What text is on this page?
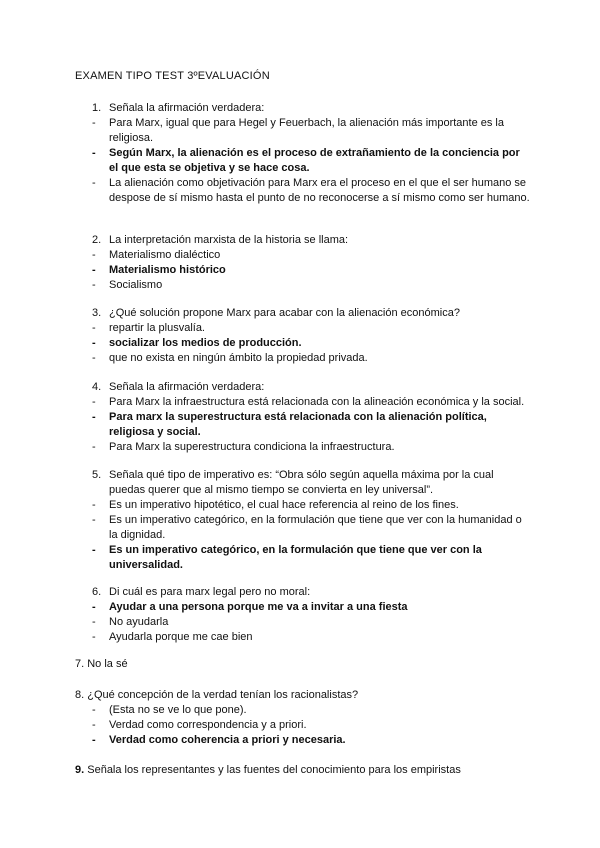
EXAMEN TIPO TEST 3ºEVALUACIÓN
1. Señala la afirmación verdadera:
- Para Marx, igual que para Hegel y Feuerbach, la alienación más importante es la religiosa.
- Según Marx, la alienación es el proceso de extrañamiento de la conciencia por el que esta se objetiva y se hace cosa.
- La alienación como objetivación para Marx era el proceso en el que el ser humano se despose de sí mismo hasta el punto de no reconocerse a sí mismo como ser humano.
2. La interpretación marxista de la historia se llama:
- Materialismo dialéctico
- Materialismo histórico
- Socialismo
3. ¿Qué solución propone Marx para acabar con la alienación económica?
- repartir la plusvalía.
- socializar los medios de producción.
- que no exista en ningún ámbito la propiedad privada.
4. Señala la afirmación verdadera:
- Para Marx la infraestructura está relacionada con la alineación económica y la social.
- Para marx la superestructura está relacionada con la alienación política, religiosa y social.
- Para Marx la superestructura condiciona la infraestructura.
5. Señala qué tipo de imperativo es: “Obra sólo según aquella máxima por la cual puedas querer que al mismo tiempo se convierta en ley universal”.
- Es un imperativo hipotético, el cual hace referencia al reino de los fines.
- Es un imperativo categórico, en la formulación que tiene que ver con la humanidad o la dignidad.
- Es un imperativo categórico, en la formulación que tiene que ver con la universalidad.
6. Di cuál es para marx legal pero no moral:
- Ayudar a una persona porque me va a invitar a una fiesta
- No ayudarla
- Ayudarla porque me cae bien
7. No la sé
8. ¿Qué concepción de la verdad tenían los racionalistas?
- (Esta no se ve lo que pone).
- Verdad como correspondencia y a priori.
- Verdad como coherencia a priori y necesaria.
9. Señala los representantes y las fuentes del conocimiento para los empiristas
